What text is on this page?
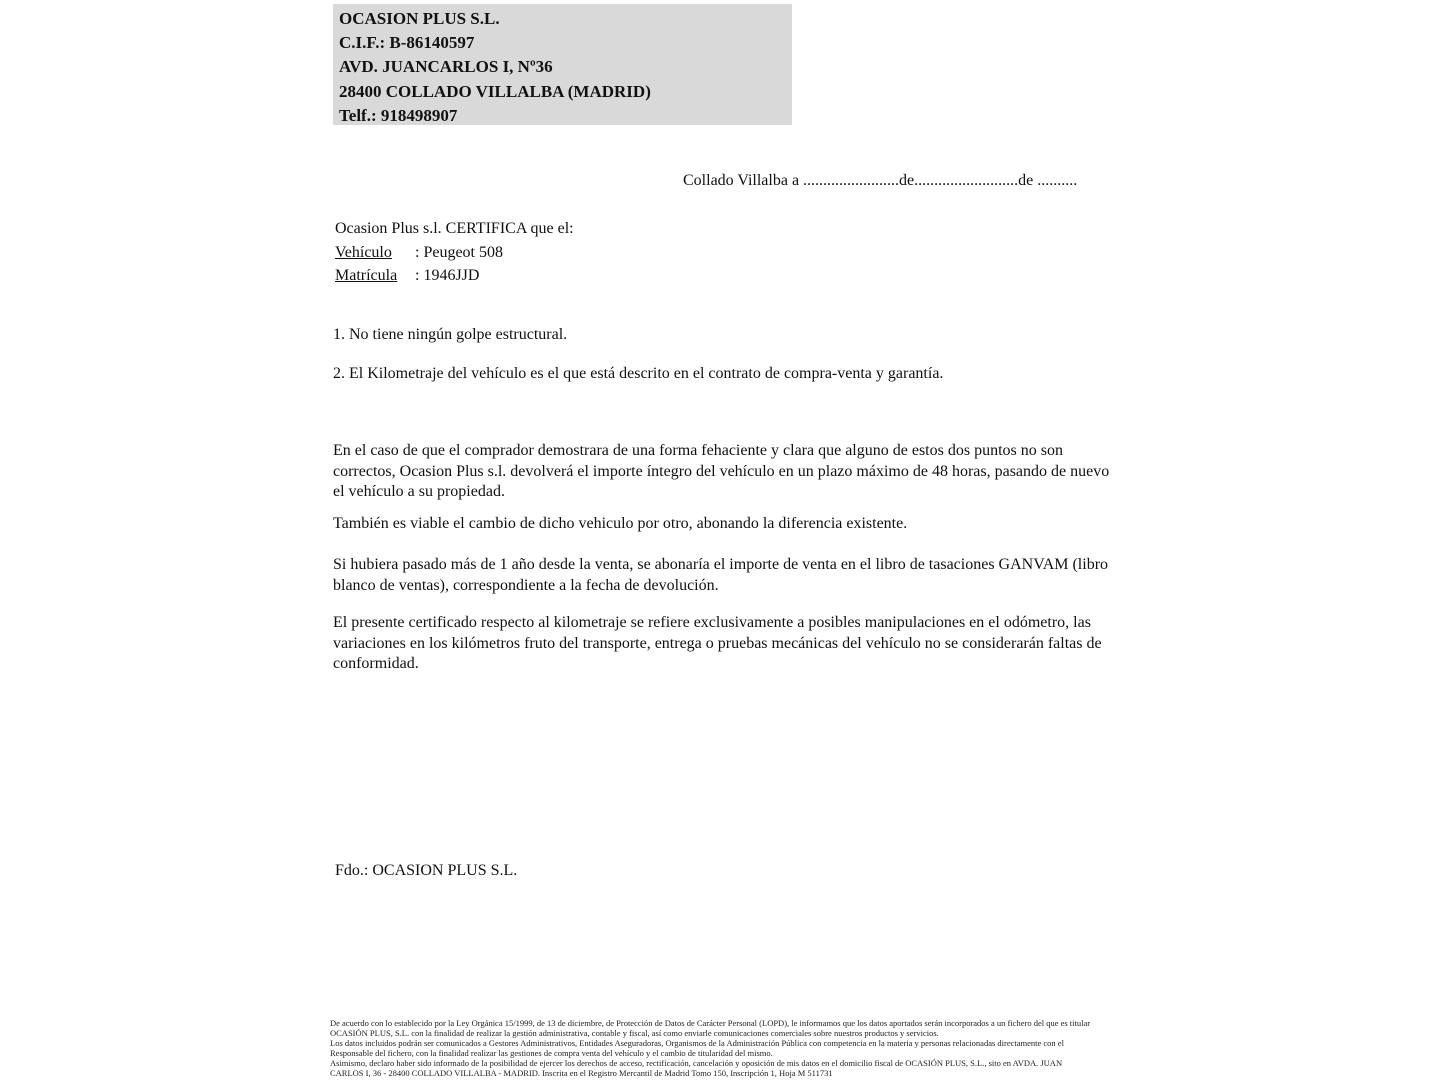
OCASION PLUS S.L.

C.I.F.: B-86140597

AVD. JUANCARLOS I, Nº36

28400 COLLADO VILLALBA (MADRID)

Telf.: 918498907

Collado Villalba a ........................de..........................de ..........

Ocasion Plus s.l. CERTIFICA que el:

Vehículo	: Peugeot 508

Matrícula	: 1946JJD

1. No tiene ningún golpe estructural.

2. El Kilometraje del vehículo es el que está descrito en el contrato de compra-venta y garantía.

En el caso de que el comprador demostrara de una forma fehaciente y clara que alguno de estos dos puntos no son correctos, Ocasion Plus s.l. devolverá el importe íntegro del vehículo en un plazo máximo de 48 horas, pasando de nuevo el vehículo a su propiedad.

También es viable el cambio de dicho vehiculo por otro, abonando la diferencia existente.

Si hubiera pasado más de 1 año desde la venta, se abonaría el importe de venta en el libro de tasaciones GANVAM (libro blanco de ventas), correspondiente a la fecha de devolución.

El presente certificado respecto al kilometraje se refiere exclusivamente a posibles manipulaciones en el odómetro, las variaciones en los kilómetros fruto del transporte, entrega o pruebas mecánicas del vehículo no se considerarán faltas de conformidad.

Fdo.: OCASION PLUS S.L.

De acuerdo con lo establecido por la Ley Orgánica 15/1999, de 13 de diciembre, de Protección de Datos de Carácter Personal (LOPD), le informamos que los datos aportados serán incorporados a un fichero del que es titular
OCASIÓN PLUS, S.L. con la finalidad de realizar la gestión administrativa, contable y fiscal, así como enviarle comunicaciones comerciales sobre nuestros productos y servicios.
Los datos incluidos podrán ser comunicados a Gestores Administrativos, Entidades Aseguradoras, Organismos de la Administración Pública con competencia en la materia y personas relacionadas directamente con el
Responsable del fichero, con la finalidad realizar las gestiones de compra venta del vehículo y el cambio de titularidad del mismo.
Asimismo, declaro haber sido informado de la posibilidad de ejercer los derechos de acceso, rectificación, cancelación y oposición de mis datos en el domicilio fiscal de OCASIÓN PLUS, S.L., sito en AVDA. JUAN
CARLOS I, 36 - 28400 COLLADO VILLALBA - MADRID. Inscrita en el Registro Mercantil de Madrid Tomo 150, Inscripción 1, Hoja M 511731
